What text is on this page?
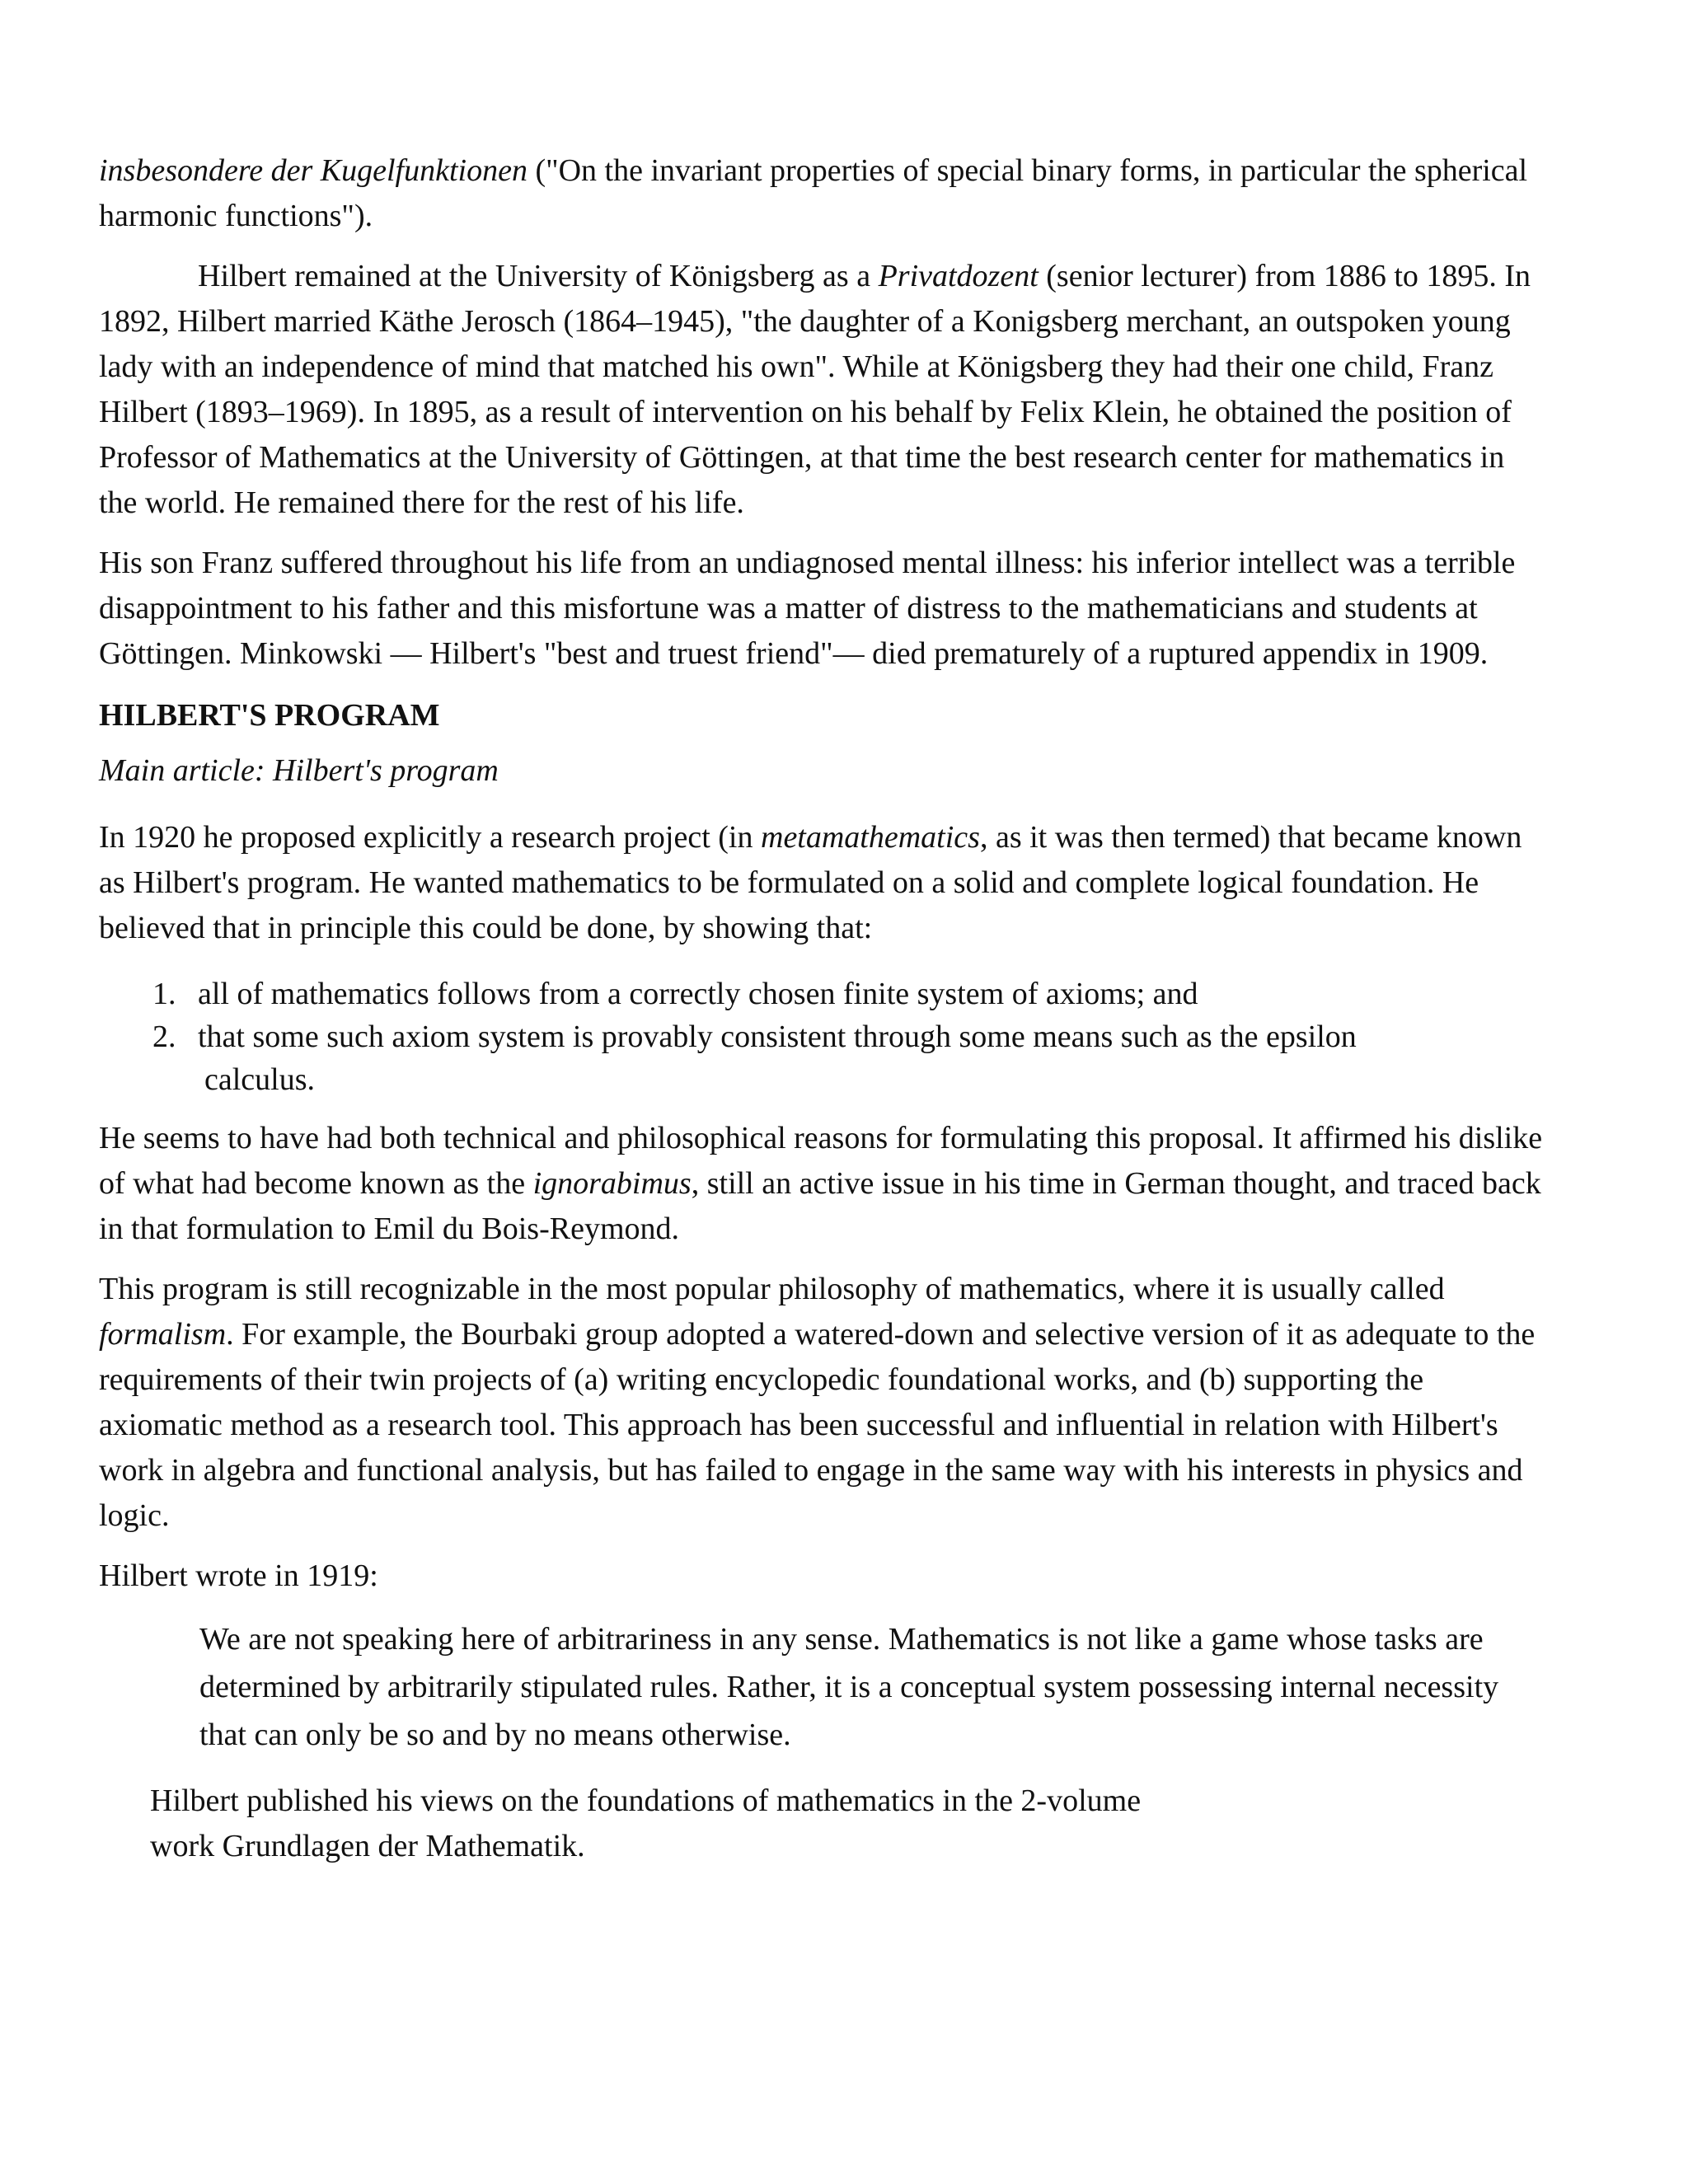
insbesondere der Kugelfunktionen ("On the invariant properties of special binary forms, in particular the spherical harmonic functions").

Hilbert remained at the University of Königsberg as a Privatdozent (senior lecturer) from 1886 to 1895. In 1892, Hilbert married Käthe Jerosch (1864–1945), "the daughter of a Konigsberg merchant, an outspoken young lady with an independence of mind that matched his own". While at Königsberg they had their one child, Franz Hilbert (1893–1969). In 1895, as a result of intervention on his behalf by Felix Klein, he obtained the position of Professor of Mathematics at the University of Göttingen, at that time the best research center for mathematics in the world. He remained there for the rest of his life.

His son Franz suffered throughout his life from an undiagnosed mental illness: his inferior intellect was a terrible disappointment to his father and this misfortune was a matter of distress to the mathematicians and students at Göttingen. Minkowski — Hilbert's "best and truest friend"— died prematurely of a ruptured appendix in 1909.

HILBERT'S PROGRAM

Main article: Hilbert's program

In 1920 he proposed explicitly a research project (in metamathematics, as it was then termed) that became known as Hilbert's program. He wanted mathematics to be formulated on a solid and complete logical foundation. He believed that in principle this could be done, by showing that:

1. all of mathematics follows from a correctly chosen finite system of axioms; and
2. that some such axiom system is provably consistent through some means such as the epsilon
calculus.

He seems to have had both technical and philosophical reasons for formulating this proposal. It affirmed his dislike of what had become known as the ignorabimus, still an active issue in his time in German thought, and traced back in that formulation to Emil du Bois-Reymond.

This program is still recognizable in the most popular philosophy of mathematics, where it is usually called formalism. For example, the Bourbaki group adopted a watered-down and selective version of it as adequate to the requirements of their twin projects of (a) writing encyclopedic foundational works, and (b) supporting the axiomatic method as a research tool. This approach has been successful and influential in relation with Hilbert's work in algebra and functional analysis, but has failed to engage in the same way with his interests in physics and logic.

Hilbert wrote in 1919:

We are not speaking here of arbitrariness in any sense. Mathematics is not like a game whose tasks are determined by arbitrarily stipulated rules. Rather, it is a conceptual system possessing internal necessity that can only be so and by no means otherwise.

Hilbert published his views on the foundations of mathematics in the 2-volume
work Grundlagen der Mathematik.
